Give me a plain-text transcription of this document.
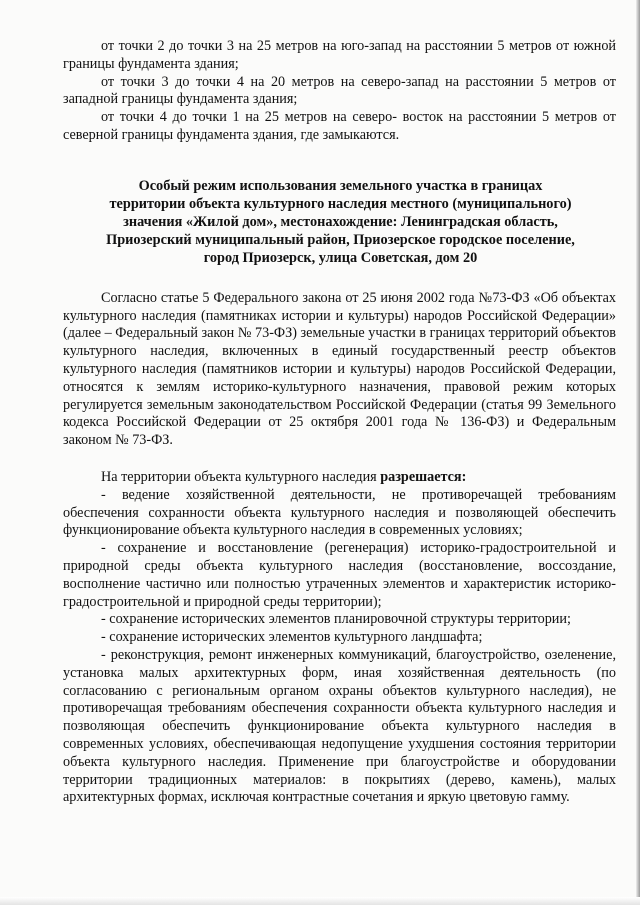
от точки 2 до точки 3 на 25 метров на юго-запад на расстоянии 5 метров от южной границы фундамента здания;

от точки 3 до точки 4 на 20 метров на северо-запад на расстоянии 5 метров от западной границы фундамента здания;

от точки 4 до точки 1 на 25 метров на северо- восток на расстоянии 5 метров от северной границы фундамента здания, где замыкаются.

Особый режим использования земельного участка в границах
территории объекта культурного наследия местного (муниципального)
значения «Жилой дом», местонахождение: Ленинградская область,
Приозерский муниципальный район, Приозерское городское поселение,
город Приозерск, улица Советская, дом 20

Согласно статье 5 Федерального закона от 25 июня 2002 года №73-ФЗ «Об объектах культурного наследия (памятниках истории и культуры) народов Российской Федерации» (далее – Федеральный закон № 73-ФЗ) земельные участки в границах территорий объектов культурного наследия, включенных в единый государственный реестр объектов культурного наследия (памятников истории и культуры) народов Российской Федерации, относятся к землям историко-культурного назначения, правовой режим которых регулируется земельным законодательством Российской Федерации (статья 99 Земельного кодекса Российской Федерации от 25 октября 2001 года № 136-ФЗ) и Федеральным законом № 73-ФЗ.

На территории объекта культурного наследия разрешается:

- ведение хозяйственной деятельности, не противоречащей требованиям обеспечения сохранности объекта культурного наследия и позволяющей обеспечить функционирование объекта культурного наследия в современных условиях;

- сохранение и восстановление (регенерация) историко-градостроительной и природной среды объекта культурного наследия (восстановление, воссоздание, восполнение частично или полностью утраченных элементов и характеристик историко-градостроительной и природной среды территории);

- сохранение исторических элементов планировочной структуры территории;

- сохранение исторических элементов культурного ландшафта;

- реконструкция, ремонт инженерных коммуникаций, благоустройство, озеленение, установка малых архитектурных форм, иная хозяйственная деятельность (по согласованию с региональным органом охраны объектов культурного наследия), не противоречащая требованиям обеспечения сохранности объекта культурного наследия и позволяющая обеспечить функционирование объекта культурного наследия в современных условиях, обеспечивающая недопущение ухудшения состояния территории объекта культурного наследия. Применение при благоустройстве и оборудовании территории традиционных материалов: в покрытиях (дерево, камень), малых архитектурных формах, исключая контрастные сочетания и яркую цветовую гамму.
